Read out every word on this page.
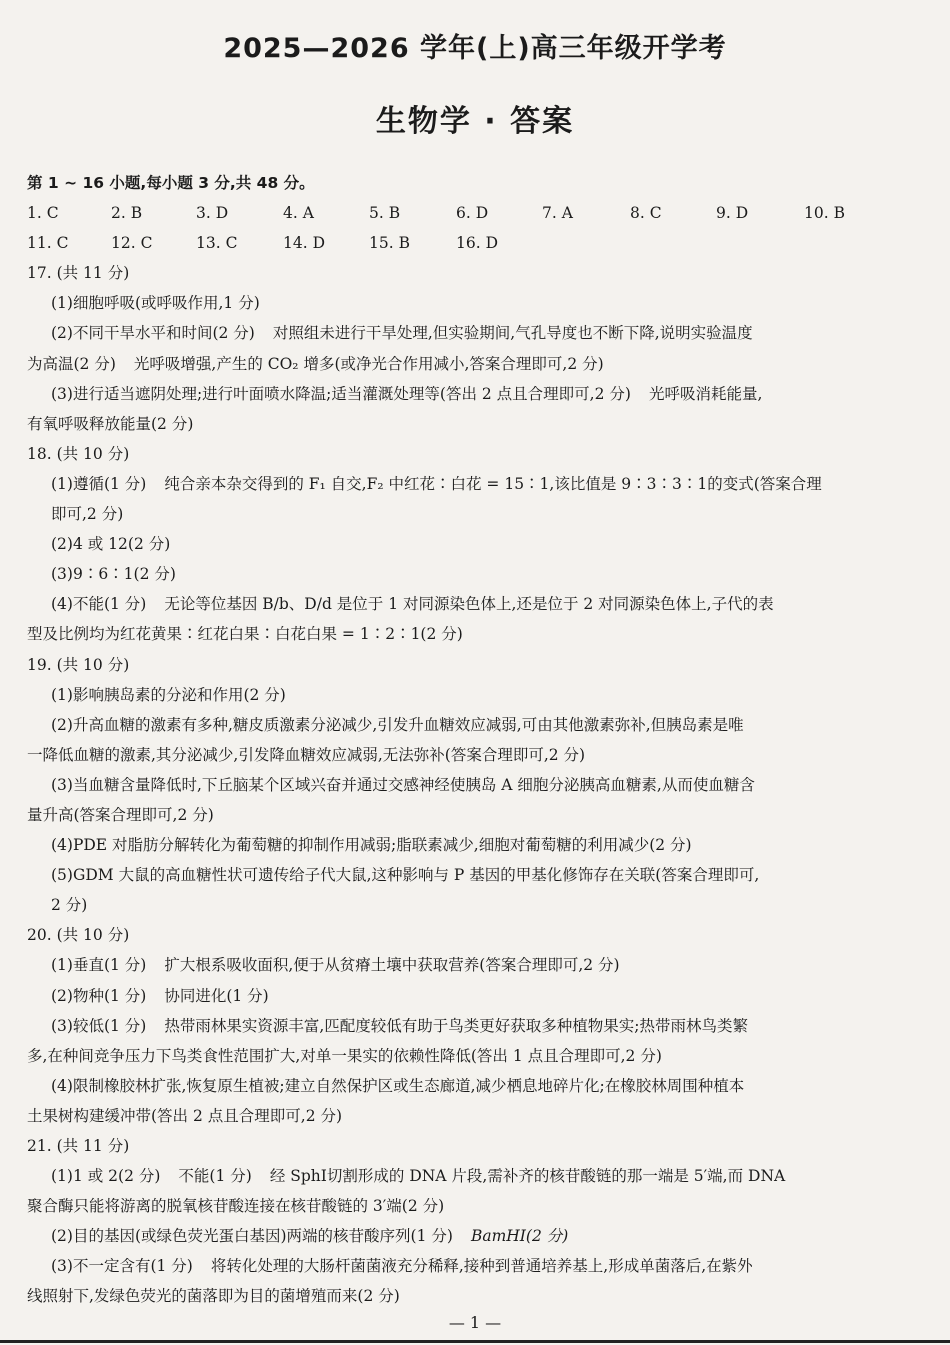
2025—2026 学年(上)高三年级开学考
生物学 · 答案
第 1 ~ 16 小题,每小题 3 分,共 48 分。
1. C	2. B	3. D	4. A	5. B	6. D	7. A	8. C	9. D	10. B
11. C	12. C	13. C	14. D	15. B	16. D
17. (共 11 分)
(1)细胞呼吸(或呼吸作用,1 分)
(2)不同干旱水平和时间(2 分) 对照组未进行干旱处理,但实验期间,气孔导度也不断下降,说明实验温度
为高温(2 分) 光呼吸增强,产生的 CO₂ 增多(或净光合作用减小,答案合理即可,2 分)
(3)进行适当遮阴处理;进行叶面喷水降温;适当灌溉处理等(答出 2 点且合理即可,2 分) 光呼吸消耗能量,
有氧呼吸释放能量(2 分)
18. (共 10 分)
(1)遵循(1 分) 纯合亲本杂交得到的 F₁ 自交,F₂ 中红花∶白花 = 15∶1,该比值是 9∶3∶3∶1的变式(答案合理
即可,2 分)
(2)4 或 12(2 分)
(3)9∶6∶1(2 分)
(4)不能(1 分) 无论等位基因 B/b、D/d 是位于 1 对同源染色体上,还是位于 2 对同源染色体上,子代的表
型及比例均为红花黄果∶红花白果∶白花白果 = 1∶2∶1(2 分)
19. (共 10 分)
(1)影响胰岛素的分泌和作用(2 分)
(2)升高血糖的激素有多种,糖皮质激素分泌减少,引发升血糖效应减弱,可由其他激素弥补,但胰岛素是唯
一降低血糖的激素,其分泌减少,引发降血糖效应减弱,无法弥补(答案合理即可,2 分)
(3)当血糖含量降低时,下丘脑某个区域兴奋并通过交感神经使胰岛 A 细胞分泌胰高血糖素,从而使血糖含
量升高(答案合理即可,2 分)
(4)PDE 对脂肪分解转化为葡萄糖的抑制作用减弱;脂联素减少,细胞对葡萄糖的利用减少(2 分)
(5)GDM 大鼠的高血糖性状可遗传给子代大鼠,这种影响与 P 基因的甲基化修饰存在关联(答案合理即可,
2 分)
20. (共 10 分)
(1)垂直(1 分) 扩大根系吸收面积,便于从贫瘠土壤中获取营养(答案合理即可,2 分)
(2)物种(1 分) 协同进化(1 分)
(3)较低(1 分) 热带雨林果实资源丰富,匹配度较低有助于鸟类更好获取多种植物果实;热带雨林鸟类繁
多,在种间竞争压力下鸟类食性范围扩大,对单一果实的依赖性降低(答出 1 点且合理即可,2 分)
(4)限制橡胶林扩张,恢复原生植被;建立自然保护区或生态廊道,减少栖息地碎片化;在橡胶林周围种植本
土果树构建缓冲带(答出 2 点且合理即可,2 分)
21. (共 11 分)
(1)1 或 2(2 分) 不能(1 分) 经 SphⅠ切割形成的 DNA 片段,需补齐的核苷酸链的那一端是 5′端,而 DNA
聚合酶只能将游离的脱氧核苷酸连接在核苷酸链的 3′端(2 分)
(2)目的基因(或绿色荧光蛋白基因)两端的核苷酸序列(1 分) BamHⅠ(2 分)
(3)不一定含有(1 分) 将转化处理的大肠杆菌菌液充分稀释,接种到普通培养基上,形成单菌落后,在紫外
线照射下,发绿色荧光的菌落即为目的菌增殖而来(2 分)
— 1 —
